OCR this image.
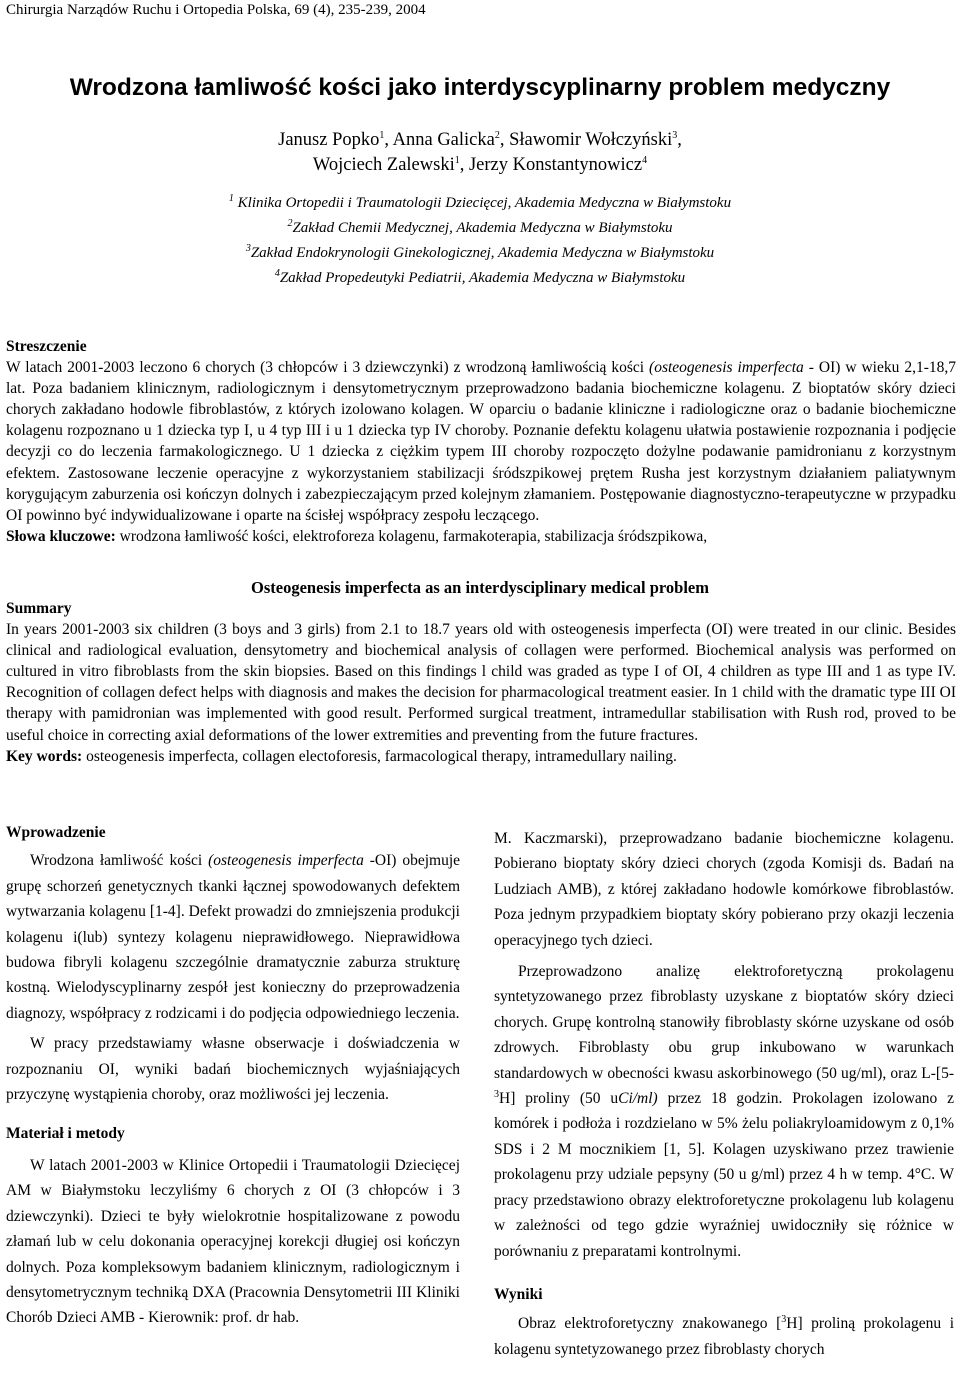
Chirurgia Narządów Ruchu i Ortopedia Polska, 69 (4), 235-239, 2004
Wrodzona łamliwość kości jako interdyscyplinarny problem medyczny
Janusz Popko$^1$, Anna Galicka$^2$, Sławomir Wołczyński$^3$,
Wojciech Zalewski$^1$, Jerzy Konstantynowicz$^4$
$^1$ Klinika Ortopedii i Traumatologii Dziecięcej, Akademia Medyczna w Białymstoku
$^2$Zakład Chemii Medycznej, Akademia Medyczna w Białymstoku
$^3$Zakład Endokrynologii Ginekologicznej, Akademia Medyczna w Białymstoku
$^4$Zakład Propedeutyki Pediatrii, Akademia Medyczna w Białymstoku
Streszczenie

W latach 2001-2003 leczono 6 chorych (3 chłopców i 3 dziewczynki) z wrodzoną łamliwością kości (osteogenesis imperfecta - OI) w wieku 2,1-18,7 lat. Poza badaniem klinicznym, radiologicznym i densytometrycznym przeprowadzono badania biochemiczne kolagenu. Z bioptatów skóry dzieci chorych zakładano hodowle fibroblastów, z których izolowano kolagen. W oparciu o badanie kliniczne i radiologiczne oraz o badanie biochemiczne kolagenu rozpoznano u 1 dziecka typ I, u 4 typ III i u 1 dziecka typ IV choroby. Poznanie defektu kolagenu ułatwia postawienie rozpoznania i podjęcie decyzji co do leczenia farmakologicznego. U 1 dziecka z ciężkim typem III choroby rozpoczęto dożylne podawanie pamidronianu z korzystnym efektem. Zastosowane leczenie operacyjne z wykorzystaniem stabilizacji śródszpikowej prętem Rusha jest korzystnym działaniem paliatywnym korygującym zaburzenia osi kończyn dolnych i zabezpieczającym przed kolejnym złamaniem. Postępowanie diagnostyczno-terapeutyczne w przypadku OI powinno być indywidualizowane i oparte na ścisłej współpracy zespołu leczącego.

Słowa kluczowe: wrodzona łamliwość kości, elektroforeza kolagenu, farmakoterapia, stabilizacja śródszpikowa,

Osteogenesis imperfecta as an interdysciplinary medical problem
Summary

In years 2001-2003 six children (3 boys and 3 girls) from 2.1 to 18.7 years old with osteogenesis imperfecta (OI) were treated in our clinic. Besides clinical and radiological evaluation, densytometry and biochemical analysis of collagen were performed. Biochemical analysis was performed on cultured in vitro fibroblasts from the skin biopsies. Based on this findings l child was graded as type I of OI, 4 children as type III and 1 as type IV. Recognition of collagen defect helps with diagnosis and makes the decision for pharmacological treatment easier. In 1 child with the dramatic type III OI therapy with pamidronian was implemented with good result. Performed surgical treatment, intramedullar stabilisation with Rush rod, proved to be useful choice in correcting axial deformations of the lower extremities and preventing from the future fractures.

Key words: osteogenesis imperfecta, collagen electoforesis, farmacological therapy, intramedullary nailing.

Wprowadzenie

Wrodzona łamliwość kości (osteogenesis imperfecta -OI) obejmuje grupę schorzeń genetycznych tkanki łącznej spowodowanych defektem wytwarzania kolagenu [1-4]. Defekt prowadzi do zmniejszenia produkcji kolagenu i(lub) syntezy kolagenu nieprawidłowego. Nieprawidłowa budowa fibryli kolagenu szczególnie dramatycznie zaburza strukturę kostną. Wielodyscyplinarny zespół jest konieczny do przeprowadzenia diagnozy, współpracy z rodzicami i do podjęcia odpowiedniego leczenia.

W pracy przedstawiamy własne obserwacje i doświadczenia w rozpoznaniu OI, wyniki badań biochemicznych wyjaśniających przyczynę wystąpienia choroby, oraz możliwości jej leczenia.

Materiał i metody

W latach 2001-2003 w Klinice Ortopedii i Traumatologii Dziecięcej AM w Białymstoku leczyliśmy 6 chorych z OI (3 chłopców i 3 dziewczynki). Dzieci te były wielokrotnie hospitalizowane z powodu złamań lub w celu dokonania operacyjnej korekcji długiej osi kończyn dolnych. Poza kompleksowym badaniem klinicznym, radiologicznym i densytometrycznym techniką DXA (Pracownia Densytometrii III Kliniki Chorób Dzieci AMB - Kierownik: prof. dr hab.

M. Kaczmarski), przeprowadzano badanie biochemiczne kolagenu. Pobierano bioptaty skóry dzieci chorych (zgoda Komisji ds. Badań na Ludziach AMB), z której zakładano hodowle komórkowe fibroblastów. Poza jednym przypadkiem bioptaty skóry pobierano przy okazji leczenia operacyjnego tych dzieci.

Przeprowadzono analizę elektroforetyczną prokolagenu syntetyzowanego przez fibroblasty uzyskane z bioptatów skóry dzieci chorych. Grupę kontrolną stanowiły fibroblasty skórne uzyskane od osób zdrowych. Fibroblasty obu grup inkubowano w warunkach standardowych w obecności kwasu askorbinowego (50 ug/ml), oraz L-[5-$^3$H] proliny (50 uCi/ml) przez 18 godzin. Prokolagen izolowano z komórek i podłoża i rozdzielano w 5% żelu poliakryloamidowym z 0,1% SDS i 2 M mocznikiem [1, 5]. Kolagen uzyskiwano przez trawienie prokolagenu przy udziale pepsyny (50 u g/ml) przez 4 h w temp. 4°C. W pracy przedstawiono obrazy elektroforetyczne prokolagenu lub kolagenu w zależności od tego gdzie wyraźniej uwidoczniły się różnice w porównaniu z preparatami kontrolnymi.

Wyniki

Obraz elektroforetyczny znakowanego [$^3$H] proliną prokolagenu i kolagenu syntetyzowanego przez fibroblasty chorych
